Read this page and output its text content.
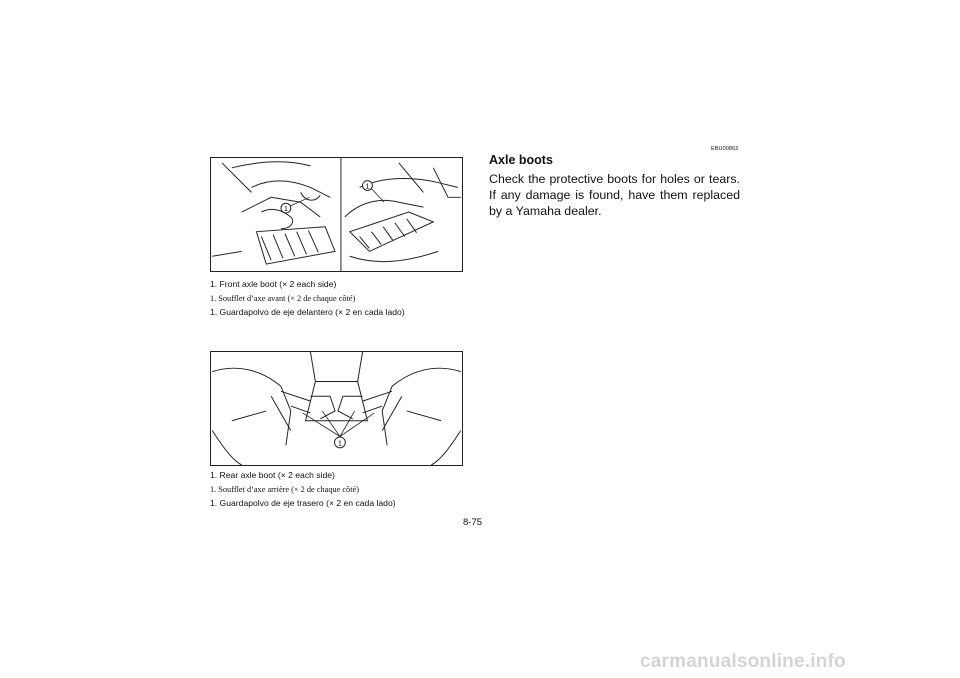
1
1
1. Front axle boot (× 2 each side)
1. Soufflet d’axe avant (× 2 de chaque côté)
1. Guardapolvo de eje delantero (× 2 en cada lado)
1
1. Rear axle boot (× 2 each side)
1. Soufflet d’axe arrière (× 2 de chaque côté)
1. Guardapolvo de eje trasero (× 2 en cada lado)
EBU00862
Axle boots
Check the protective boots for holes or tears. If any damage is found, have them replaced by a Yamaha dealer.
8-75
carmanualsonline.info
